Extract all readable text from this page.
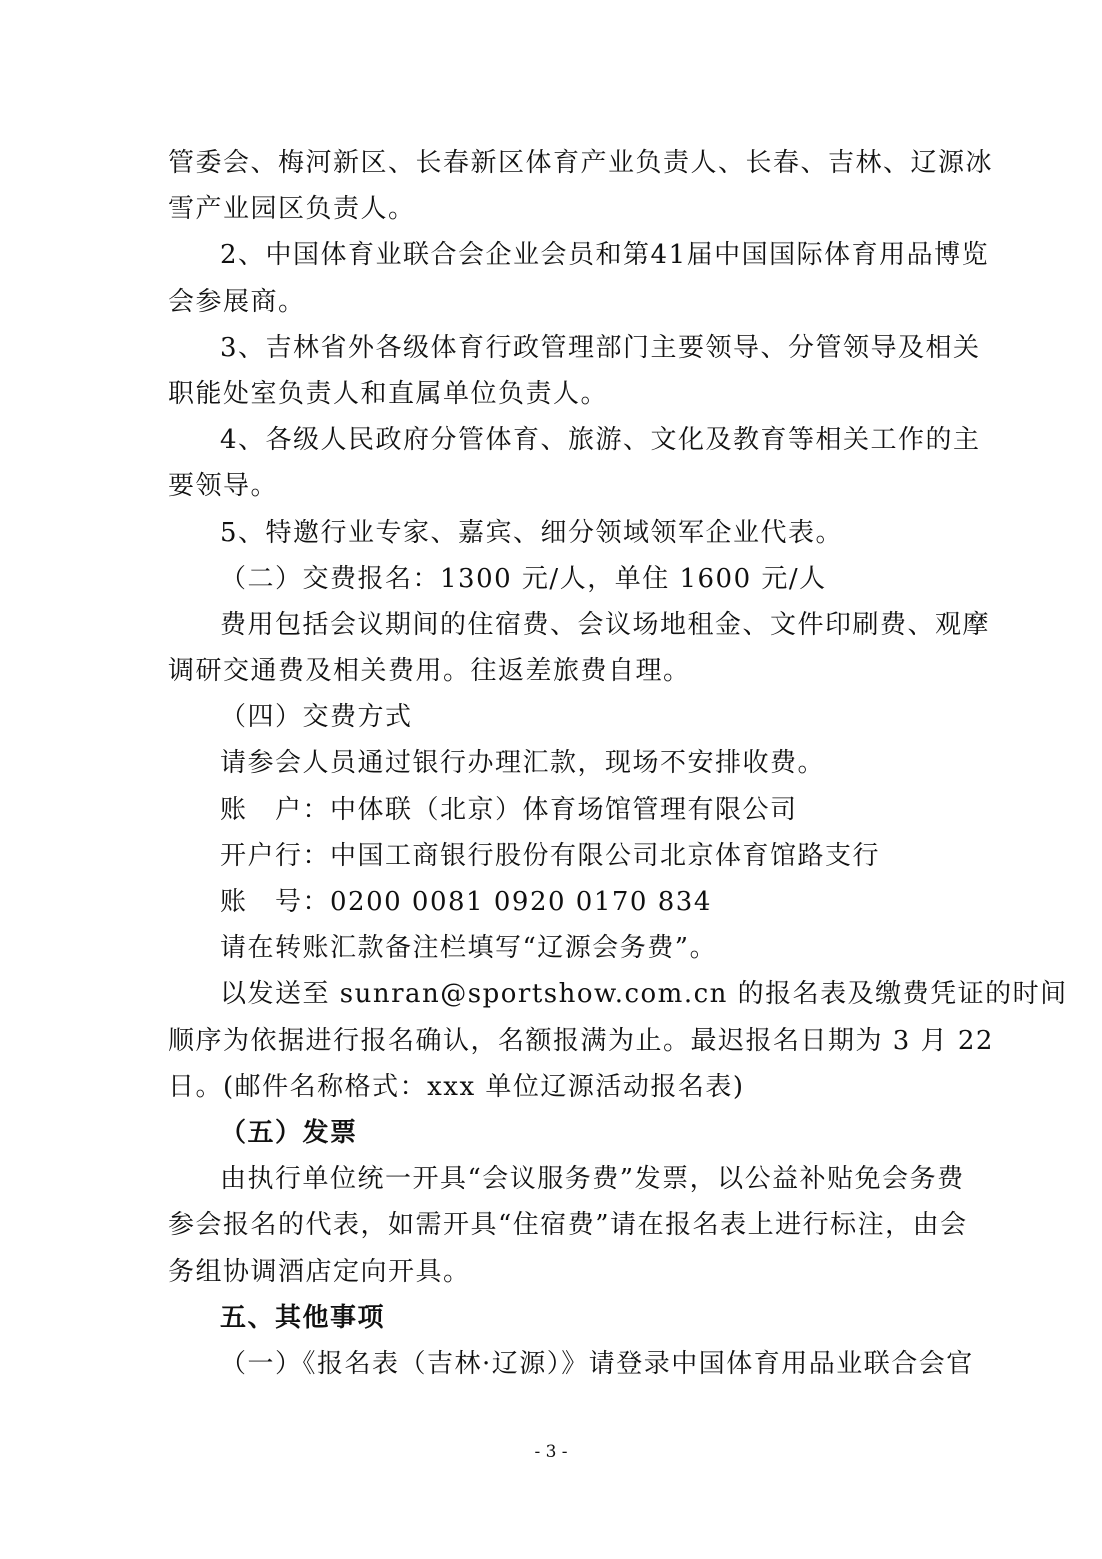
管委会、梅河新区、长春新区体育产业负责人、长春、吉林、辽源冰
雪产业园区负责人。
2、中国体育业联合会企业会员和第41届中国国际体育用品博览
会参展商。
3、吉林省外各级体育行政管理部门主要领导、分管领导及相关
职能处室负责人和直属单位负责人。
4、各级人民政府分管体育、旅游、文化及教育等相关工作的主
要领导。
5、特邀行业专家、嘉宾、细分领域领军企业代表。
（二）交费报名：1300 元/人，单住 1600 元/人
费用包括会议期间的住宿费、会议场地租金、文件印刷费、观摩
调研交通费及相关费用。往返差旅费自理。
（四）交费方式
请参会人员通过银行办理汇款，现场不安排收费。
账　户：中体联（北京）体育场馆管理有限公司
开户行：中国工商银行股份有限公司北京体育馆路支行
账　号：0200 0081 0920 0170 834
请在转账汇款备注栏填写“辽源会务费”。
以发送至 sunran@sportshow.com.cn 的报名表及缴费凭证的时间
顺序为依据进行报名确认，名额报满为止。最迟报名日期为 3 月 22
日。(邮件名称格式：xxx 单位辽源活动报名表)
（五）发票
由执行单位统一开具“会议服务费”发票，以公益补贴免会务费
参会报名的代表，如需开具“住宿费”请在报名表上进行标注，由会
务组协调酒店定向开具。
五、其他事项
（一）《报名表（吉林·辽源）》请登录中国体育用品业联合会官
- 3 -
